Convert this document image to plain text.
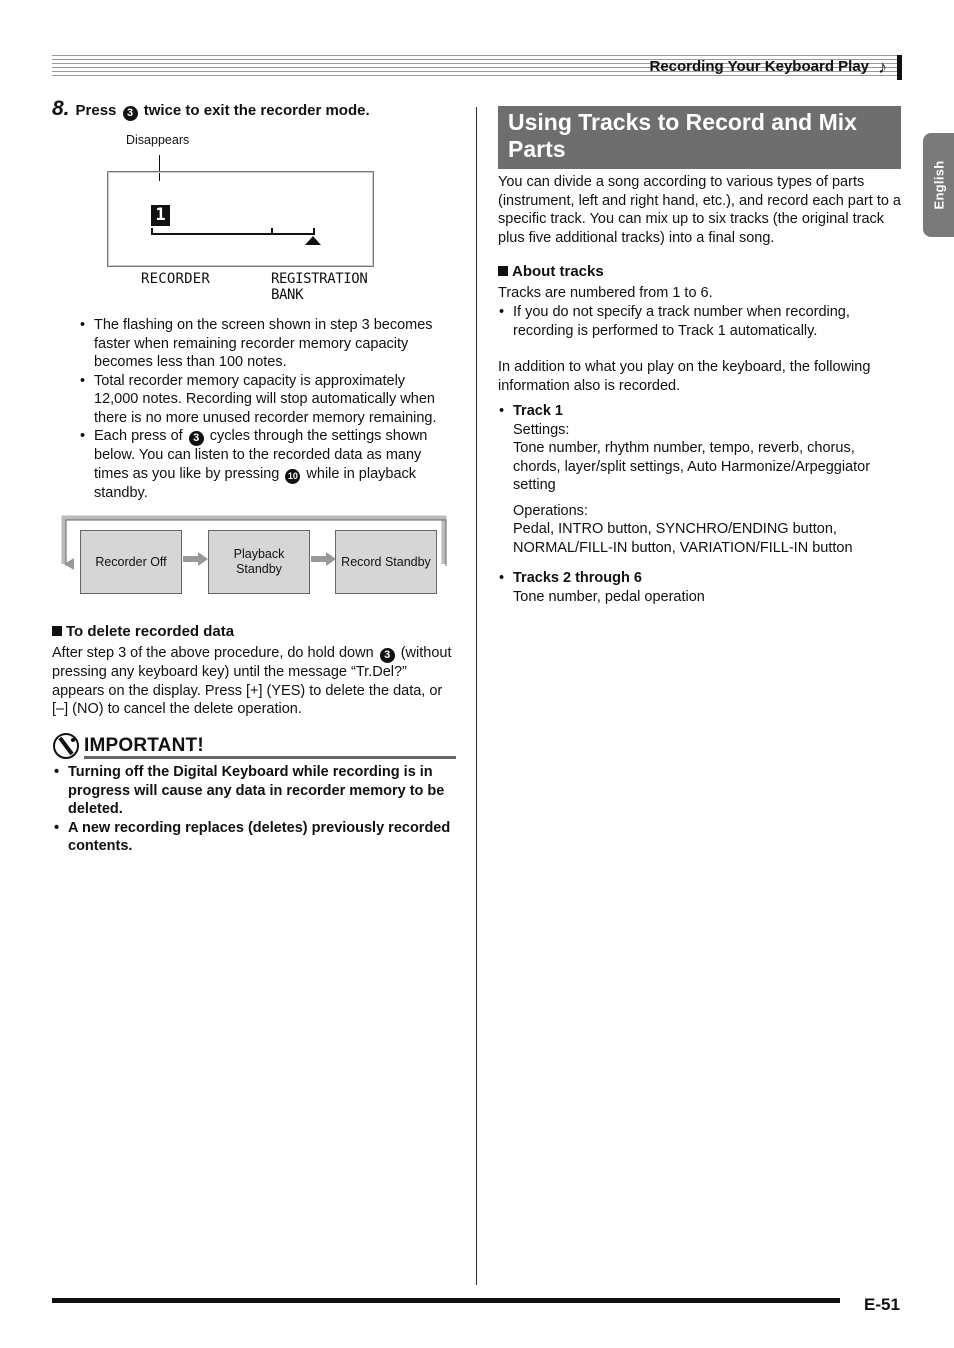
Recording Your Keyboard Play ♪
English
8. Press 3 twice to exit the recorder mode.
Disappears
1
RECORDER	REGISTRATION
BANK
• The flashing on the screen shown in step 3 becomes faster when remaining recorder memory capacity becomes less than 100 notes.
• Total recorder memory capacity is approximately 12,000 notes. Recording will stop automatically when there is no more unused recorder memory remaining.
• Each press of 3 cycles through the settings shown below. You can listen to the recorded data as many times as you like by pressing 10 while in playback standby.
Recorder Off
Playback Standby
Record Standby
To delete recorded data
After step 3 of the above procedure, do hold down 3 (without pressing any keyboard key) until the message “Tr.Del?” appears on the display. Press [+] (YES) to delete the data, or [–] (NO) to cancel the delete operation.
IMPORTANT!
• Turning off the Digital Keyboard while recording is in progress will cause any data in recorder memory to be deleted.
• A new recording replaces (deletes) previously recorded contents.
Using Tracks to Record and Mix Parts
You can divide a song according to various types of parts (instrument, left and right hand, etc.), and record each part to a specific track. You can mix up to six tracks (the original track plus five additional tracks) into a final song.
About tracks
Tracks are numbered from 1 to 6.
• If you do not specify a track number when recording, recording is performed to Track 1 automatically.
In addition to what you play on the keyboard, the following information also is recorded.
• Track 1
Settings:
Tone number, rhythm number, tempo, reverb, chorus, chords, layer/split settings, Auto Harmonize/Arpeggiator setting
Operations:
Pedal, INTRO button, SYNCHRO/ENDING button, NORMAL/FILL-IN button, VARIATION/FILL-IN button
• Tracks 2 through 6
Tone number, pedal operation
E-51
